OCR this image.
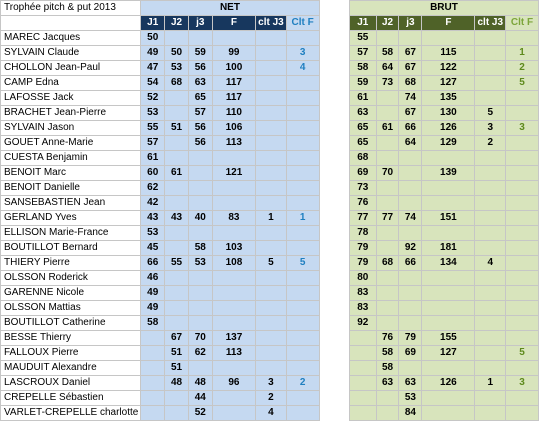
Trophée pitch & put 2013	NET							BRUT					
	J1	J2	j3	F	clt J3	Clt F		J1	J2	j3	F	clt J3	Clt F
MAREC Jacques	50							55					
SYLVAIN Claude	49	50	59	99		3		57	58	67	115		1
CHOLLON Jean-Paul	47	53	56	100		4		58	64	67	122		2
CAMP Edna	54	68	63	117				59	73	68	127		5
LAFOSSE Jack	52		65	117				61		74	135		
BRACHET Jean-Pierre	53		57	110				63		67	130	5	
SYLVAIN Jason	55	51	56	106				65	61	66	126	3	3
GOUET Anne-Marie	57		56	113				65		64	129	2	
CUESTA Benjamin	61							68					
BENOIT Marc	60	61		121				69	70		139		
BENOIT Danielle	62							73					
SANSEBASTIEN Jean	42							76					
GERLAND Yves	43	43	40	83	1	1		77	77	74	151		
ELLISON Marie-France	53							78					
BOUTILLOT Bernard	45		58	103				79		92	181		
THIERY Pierre	66	55	53	108	5	5		79	68	66	134	4	
OLSSON Roderick	46							80					
GARENNE Nicole	49							83					
OLSSON Mattias	49							83					
BOUTILLOT Catherine	58							92					
BESSE Thierry		67	70	137					76	79	155		
FALLOUX Pierre		51	62	113					58	69	127		5
MAUDUIT Alexandre		51							58				
LASCROUX Daniel		48	48	96	3	2			63	63	126	1	3
CREPELLE Sébastien			44		2					53			
VARLET-CREPELLE charlotte			52		4					84			
